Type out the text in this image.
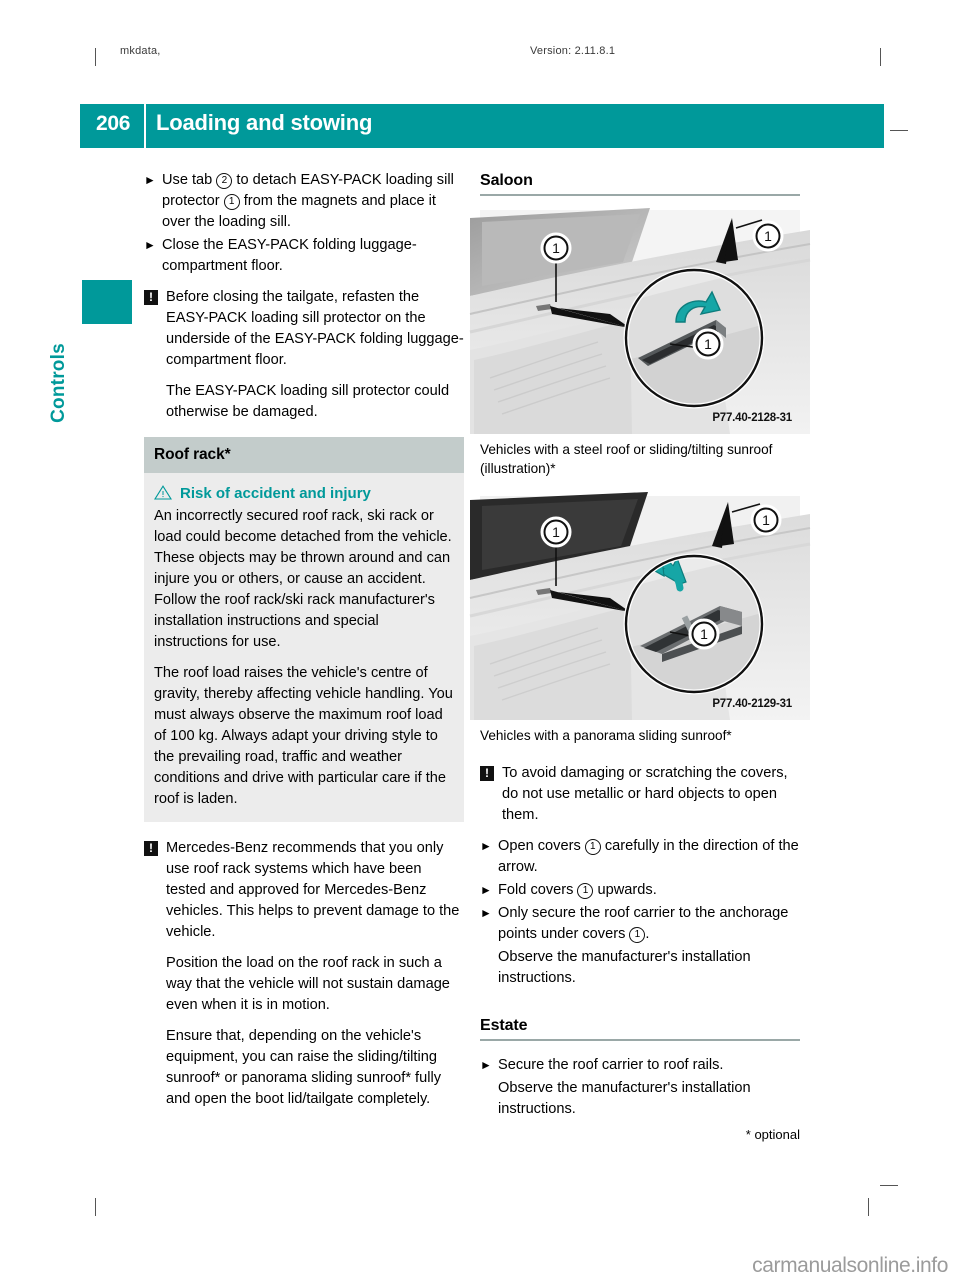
mkdata,	Version: 2.11.8.1
206	Loading and stowing
Controls
► Use tab 2 to detach EASY-PACK loading sill protector 1 from the magnets and place it over the loading sill.
► Close the EASY-PACK folding luggage-compartment floor.
! Before closing the tailgate, refasten the EASY-PACK loading sill protector on the underside of the EASY-PACK folding luggage-compartment floor.

The EASY-PACK loading sill protector could otherwise be damaged.

Roof rack*
Risk of accident and injury

An incorrectly secured roof rack, ski rack or load could become detached from the vehicle. These objects may be thrown around and can injure you or others, or cause an accident. Follow the roof rack/ski rack manufacturer's installation instructions and special instructions for use.

The roof load raises the vehicle's centre of gravity, thereby affecting vehicle handling. You must always observe the maximum roof load of 100 kg. Always adapt your driving style to the prevailing road, traffic and weather conditions and drive with particular care if the roof is laden.

! Mercedes-Benz recommends that you only use roof rack systems which have been tested and approved for Mercedes-Benz vehicles. This helps to prevent damage to the vehicle.

Position the load on the roof rack in such a way that the vehicle will not sustain damage even when it is in motion.

Ensure that, depending on the vehicle's equipment, you can raise the sliding/tilting sunroof* or panorama sliding sunroof* fully and open the boot lid/tailgate completely.

Saloon
1
1
1
P77.40-2128-31
Vehicles with a steel roof or sliding/tilting sunroof (illustration)*
1
1
1
P77.40-2129-31
Vehicles with a panorama sliding sunroof*
! To avoid damaging or scratching the covers, do not use metallic or hard objects to open them.

► Open covers 1 carefully in the direction of the arrow.
► Fold covers 1 upwards.
► Only secure the roof carrier to the anchorage points under covers 1 .
Observe the manufacturer's installation instructions.
Estate
► Secure the roof carrier to roof rails.
Observe the manufacturer's installation instructions.
* optional
carmanualsonline.info
